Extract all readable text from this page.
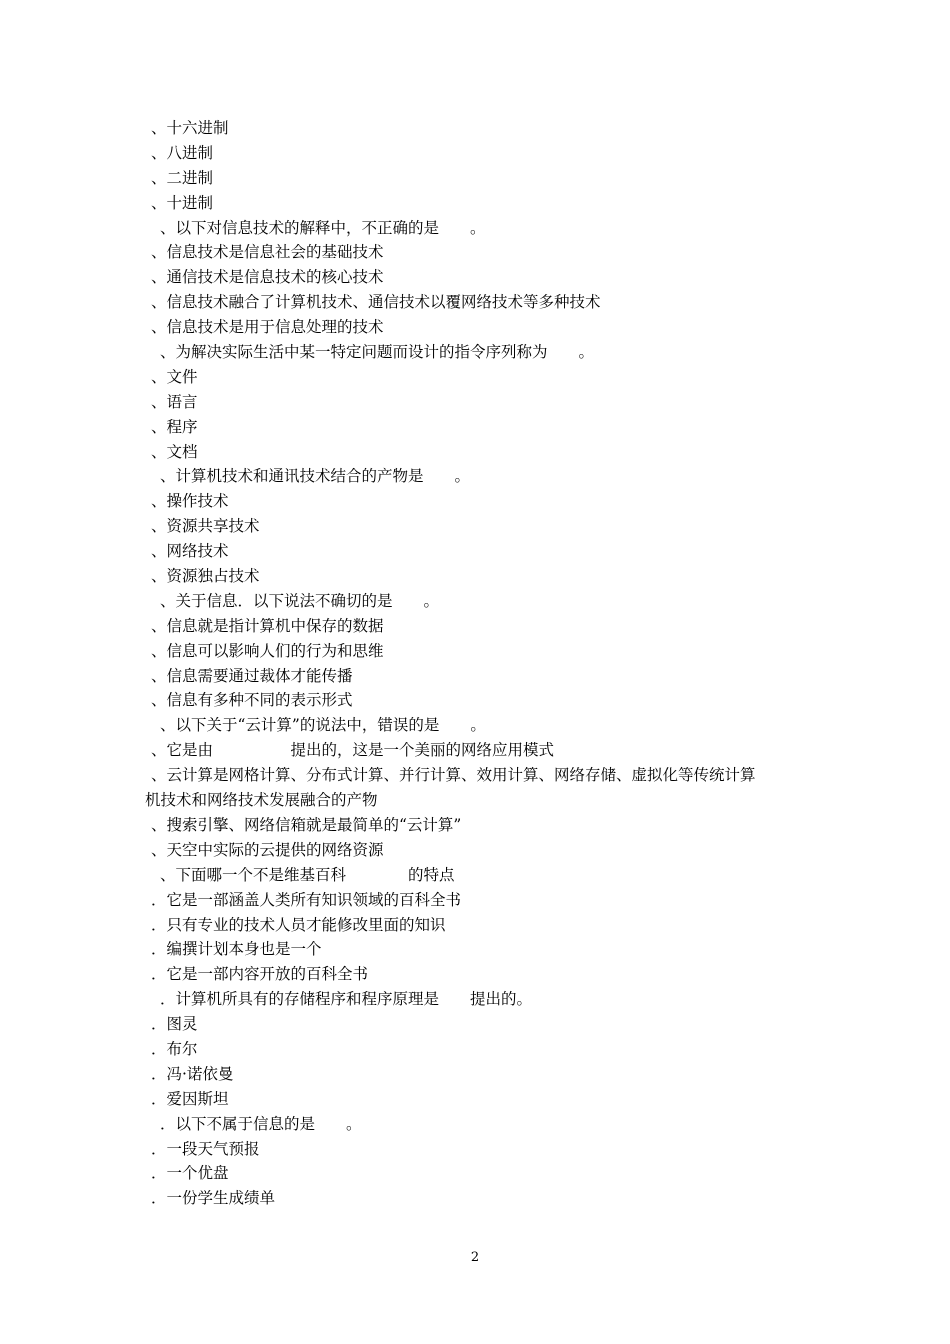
、十六进制
、八进制
、二进制
、十进制
、以下对信息技术的解释中，不正确的是　　。
、信息技术是信息社会的基础技术
、通信技术是信息技术的核心技术
、信息技术融合了计算机技术、通信技术以覆网络技术等多种技术
、信息技术是用于信息处理的技术
、为解决实际生活中某一特定问题而设计的指令序列称为　　。
、文件
、语言
、程序
、文档
、计算机技术和通讯技术结合的产物是　　。
、操作技术
、资源共享技术
、网络技术
、资源独占技术
、关于信息．以下说法不确切的是　　。
、信息就是指计算机中保存的数据
、信息可以影响人们的行为和思维
、信息需要通过裁体才能传播
、信息有多种不同的表示形式
、以下关于“云计算”的说法中，错误的是　　。
、它是由　　　　　提出的，这是一个美丽的网络应用模式
、云计算是网格计算、分布式计算、并行计算、效用计算、网络存储、虚拟化等传统计算
机技术和网络技术发展融合的产物
、搜索引擎、网络信箱就是最简单的“云计算”
、天空中实际的云提供的网络资源
、下面哪一个不是维基百科　　　　的特点
．它是一部涵盖人类所有知识领域的百科全书
．只有专业的技术人员才能修改里面的知识
．编撰计划本身也是一个
．它是一部内容开放的百科全书
．计算机所具有的存储程序和程序原理是　　提出的。
．图灵
．布尔
．冯·诺依曼
．爱因斯坦
．以下不属于信息的是　　。
．一段天气预报
．一个优盘
．一份学生成绩单
2
